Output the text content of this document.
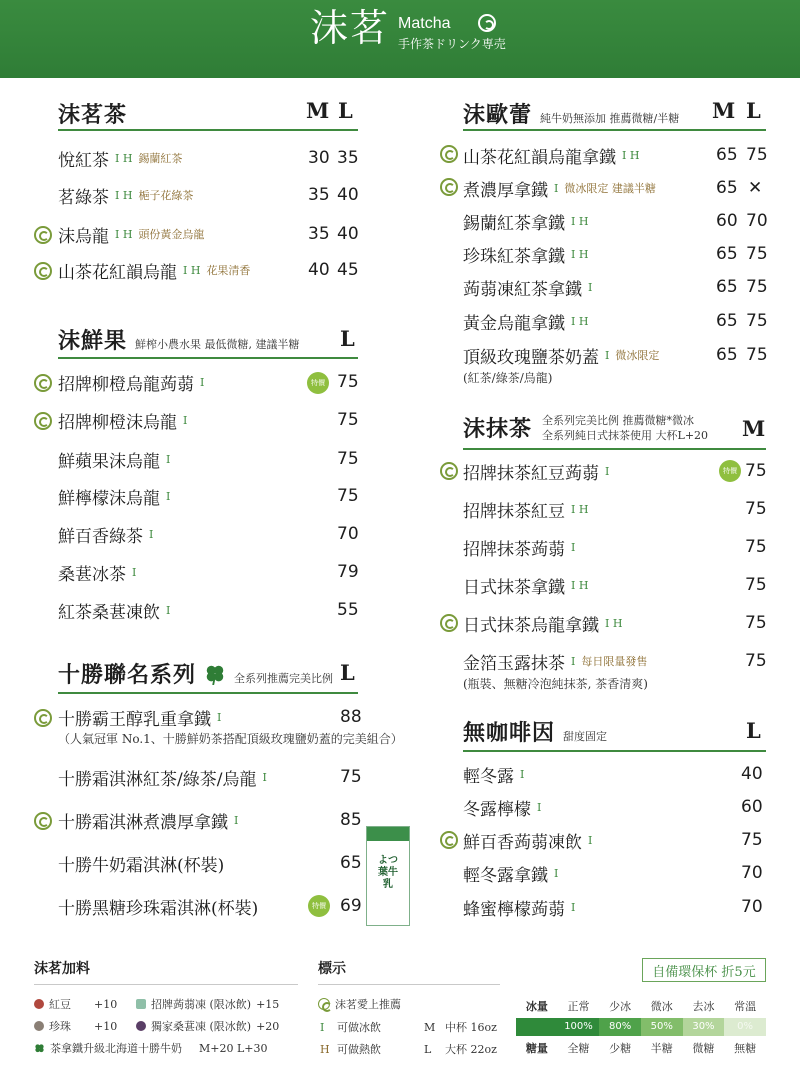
沫茗 Matcha
手作茶ドリンク専売
沫茗茶	M L
悅紅茶 I H 錫蘭紅茶	30 35
茗綠茶 I H 梔子花綠茶	35 40
沫烏龍 I H 頭份黃金烏龍	35 40
山茶花紅韻烏龍 I H 花果清香	40 45
沫鮮果 鮮榨小農水果 最低微糖, 建議半糖 L
招牌柳橙烏龍蒟蒻 I	特價 75
招牌柳橙沫烏龍 I	75
鮮蘋果沫烏龍 I	75
鮮檸檬沫烏龍 I	75
鮮百香綠茶 I	70
桑葚冰茶 I	79
紅茶桑葚凍飲 I	55
十勝聯名系列	全系列推薦完美比例 L
十勝霸王醇乳重拿鐵 I	88
（人氣冠軍 No.1、十勝鮮奶茶搭配頂級玫瑰鹽奶蓋的完美組合）
十勝霜淇淋紅茶/綠茶/烏龍 I	75
十勝霜淇淋煮濃厚拿鐵 I	85
十勝牛奶霜淇淋(杯裝)	65
十勝黑糖珍珠霜淇淋(杯裝)	特價 69
よつ葉牛乳
沫歐蕾 純牛奶無添加 推薦微糖/半糖 M L
山茶花紅韻烏龍拿鐵 I H	65 75
煮濃厚拿鐵 I 微冰限定 建議半糖	65 ✕
錫蘭紅茶拿鐵 I H	60 70
珍珠紅茶拿鐵 I H	65 75
蒟蒻凍紅茶拿鐵 I	65 75
黃金烏龍拿鐵 I H	65 75
頂級玫瑰鹽茶奶蓋 I 微冰限定	65 75
(紅茶/綠茶/烏龍)
沫抹茶 全系列完美比例 推薦微糖*微冰
全系列純日式抹茶使用 大杯L+20 M
招牌抹茶紅豆蒟蒻 I	特價 75
招牌抹茶紅豆 I H	75
招牌抹茶蒟蒻 I	75
日式抹茶拿鐵 I H	75
日式抹茶烏龍拿鐵 I H	75
金箔玉露抹茶 I 每日限量發售	75
(瓶裝、無糖冷泡純抹茶, 茶香清爽)
無咖啡因 甜度固定	L
輕冬露 I	40
冬露檸檬 I	60
鮮百香蒟蒻凍飲 I	75
輕冬露拿鐵 I	70
蜂蜜檸檬蒟蒻 I	70
沫茗加料
紅豆 +10	招牌蒟蒻凍 (限冰飲) +15
珍珠 +10	獨家桑葚凍 (限冰飲) +20
茶拿鐵升級北海道十勝牛奶 M+20 L+30
標示
沫茗愛上推薦
I	可做冰飲
H 可做熱飲
M 中杯 16oz
L	大杯 22oz
自備環保杯 折5元
冰量	正常	少冰	微冰	去冰	常溫
100%	80%	50%	30%	0%
糖量	全糖	少糖	半糖	微糖	無糖
